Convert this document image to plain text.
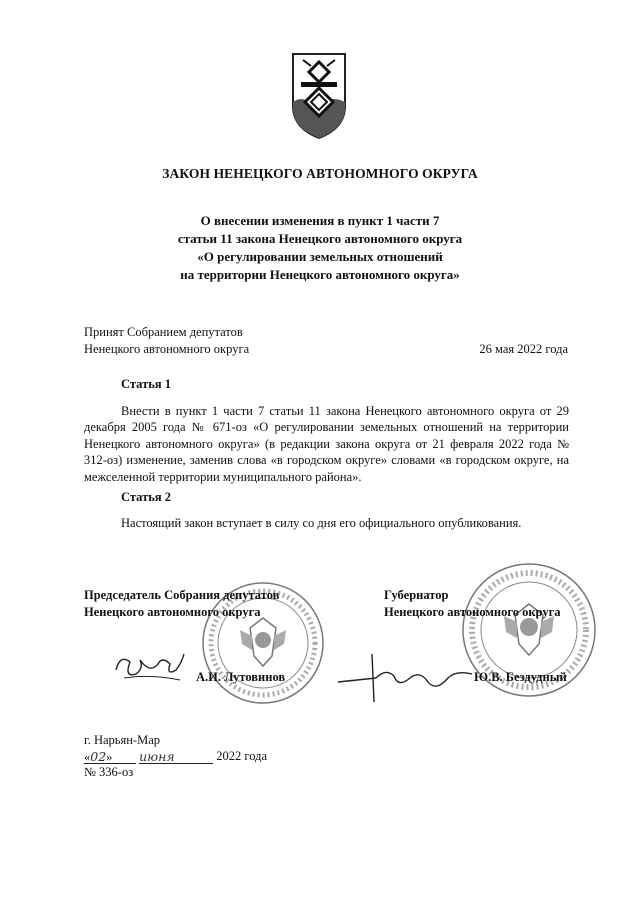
ЗАКОН НЕНЕЦКОГО АВТОНОМНОГО ОКРУГА
О внесении изменения в пункт 1 части 7
статьи 11 закона Ненецкого автономного округа
«О регулировании земельных отношений
на территории Ненецкого автономного округа»
Принят Собранием депутатов
Ненецкого автономного округа	26 мая 2022 года
Статья 1
Внести в пункт 1 части 7 статьи 11 закона Ненецкого автономного округа от 29 декабря 2005 года № 671-оз «О регулировании земельных отношений на территории Ненецкого автономного округа» (в редакции закона округа от 21 февраля 2022 года № 312-оз) изменение, заменив слова «в городском округе» словами «в городском округе, на межселенной территории муниципального района».
Статья 2
Настоящий закон вступает в силу со дня его официального опубликования.
Председатель Собрания депутатов
Ненецкого автономного округа
Губернатор
Ненецкого автономного округа
А.И. Лутовинов	Ю.В. Бездудный
г. Нарьян-Мар
«02» июня	2022 года
№ 336-оз
